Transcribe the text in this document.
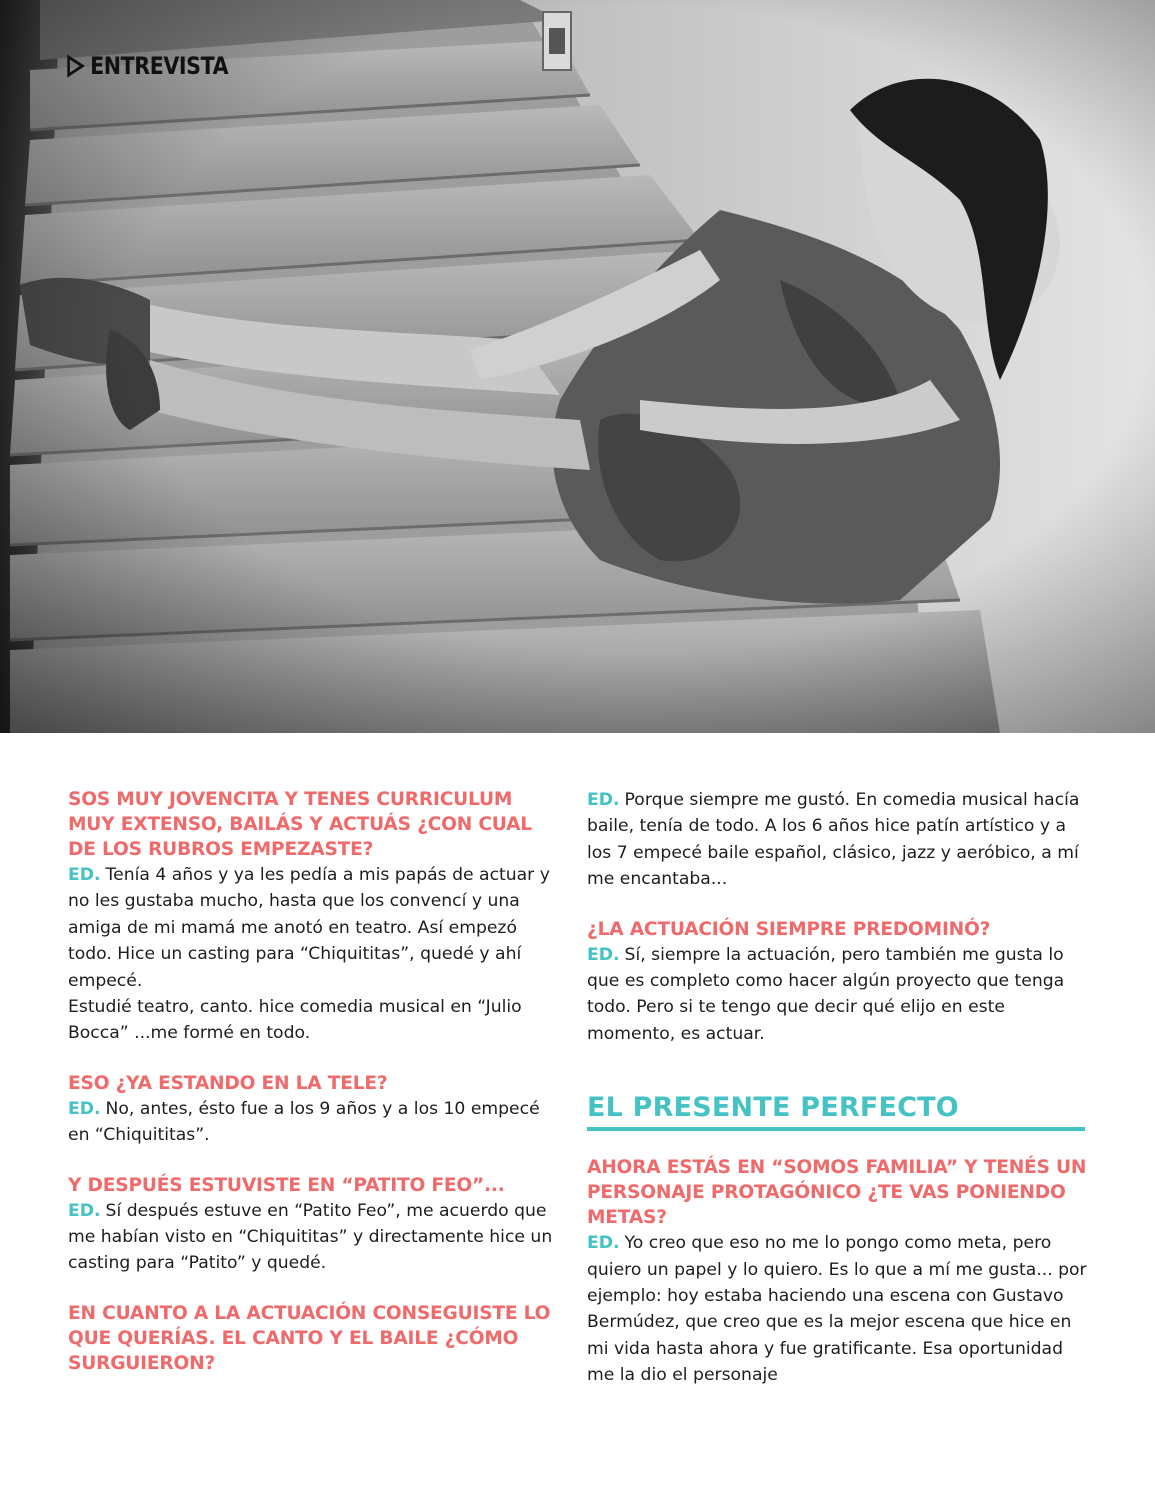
ENTREVISTA

SOS MUY JOVENCITA Y TENES CURRICULUM MUY EXTENSO, BAILÁS Y ACTUÁS ¿CON CUAL DE LOS RUBROS EMPEZASTE?

ED. Tenía 4 años y ya les pedía a mis papás de actuar y no les gustaba mucho, hasta que los convencí y una amiga de mi mamá me anotó en teatro. Así empezó todo. Hice un casting para “Chiquititas”, quedé y ahí empecé.

Estudié teatro, canto. hice comedia musical en “Julio Bocca” ...me formé en todo.

ESO ¿YA ESTANDO EN LA TELE?

ED. No, antes, ésto fue a los 9 años y a los 10 empecé en “Chiquititas”.

Y DESPUÉS ESTUVISTE EN “PATITO FEO”...

ED. Sí después estuve en “Patito Feo”, me acuerdo que me habían visto en “Chiquititas” y directamente hice un casting para “Patito” y quedé.

EN CUANTO A LA ACTUACIÓN CONSEGUISTE LO QUE QUERÍAS. EL CANTO Y EL BAILE ¿CÓMO SURGUIERON?

ED. Porque siempre me gustó. En comedia musical hacía baile, tenía de todo. A los 6 años hice patín artístico y a los 7 empecé baile español, clásico, jazz y aeróbico, a mí me encantaba...

¿LA ACTUACIÓN SIEMPRE PREDOMINÓ?

ED. Sí, siempre la actuación, pero también me gusta lo que es completo como hacer algún proyecto que tenga todo. Pero si te tengo que decir qué elijo en este momento, es actuar.

EL PRESENTE PERFECTO

AHORA ESTÁS EN “SOMOS FAMILIA” Y TENÉS UN PERSONAJE PROTAGÓNICO ¿TE VAS PONIENDO METAS?

ED. Yo creo que eso no me lo pongo como meta, pero quiero un papel y lo quiero. Es lo que a mí me gusta... por ejemplo: hoy estaba haciendo una escena con Gustavo Bermúdez, que creo que es la mejor escena que hice en mi vida hasta ahora y fue gratificante. Esa oportunidad me la dio el personaje
